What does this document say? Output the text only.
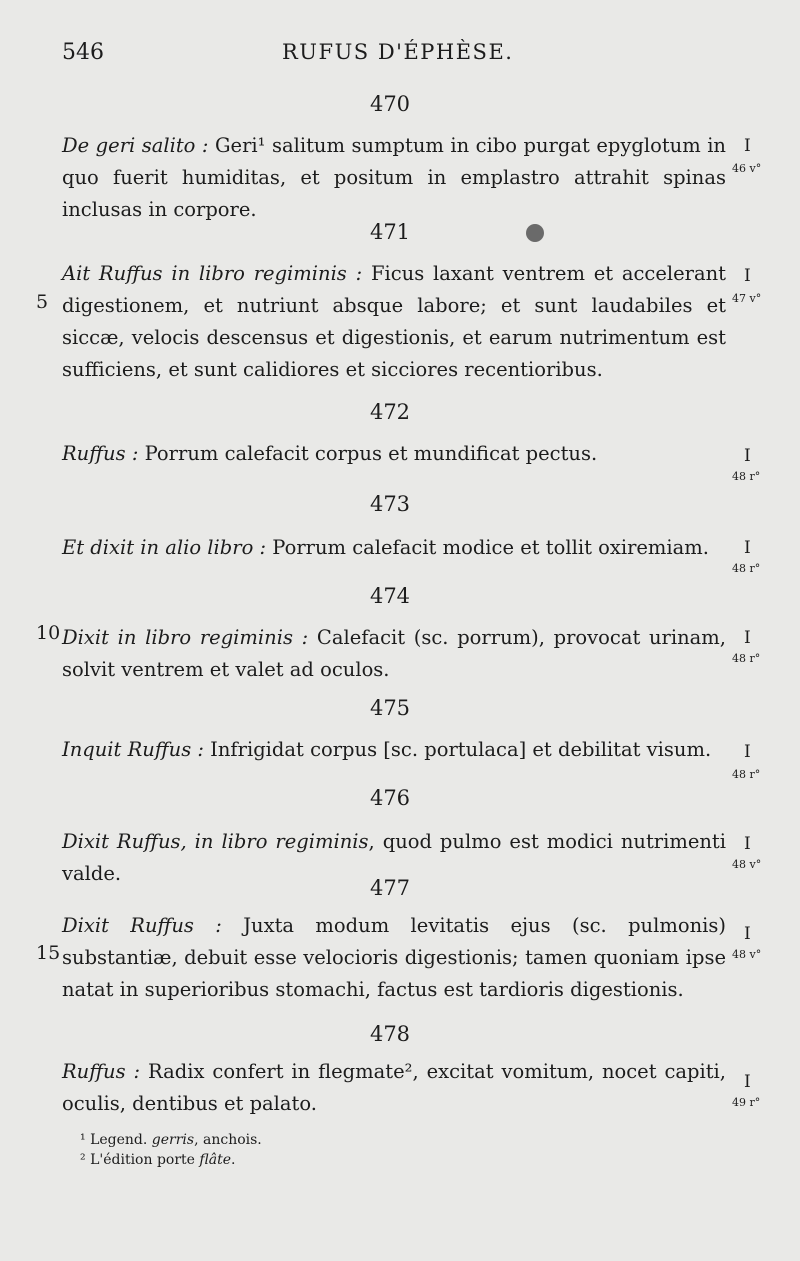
546	RUFUS D'ÉPHÈSE.
470
De geri salito : Geri¹ salitum sumptum in cibo purgat epyglotum in quo fuerit humiditas, et positum in emplastro attrahit spinas inclusas in corpore.
I
46 v°
471
Ait Ruffus in libro regiminis : Ficus laxant ventrem et accelerant digestionem, et nutriunt absque labore; et sunt laudabiles et siccæ, velocis descensus et digestionis, et earum nutrimentum est sufficiens, et sunt calidiores et sicciores recentioribus.
5
I
47 v°
472
Ruffus : Porrum calefacit corpus et mundificat pectus.	I
48 r°
473
Et dixit in alio libro : Porrum calefacit modice et tollit oxiremiam.	I
48 r°
474
Dixit in libro regiminis : Calefacit (sc. porrum), provocat urinam, solvit ventrem et valet ad oculos.
10	I
48 r°
475
Inquit Ruffus : Infrigidat corpus [sc. portulaca] et debilitat visum.	I
48 r°
476
Dixit Ruffus, in libro regiminis, quod pulmo est modici nutrimenti valde.
I
48 v°
477
Dixit Ruffus : Juxta modum levitatis ejus (sc. pulmonis) substantiæ, debuit esse velocioris digestionis; tamen quoniam ipse natat in superioribus stomachi, factus est tardioris digestionis.
15
I
48 v°
478
Ruffus : Radix confert in flegmate², excitat vomitum, nocet capiti, oculis, dentibus et palato.
I
49 r°
¹ Legend. gerris, anchois.
² L'édition porte flâte.
